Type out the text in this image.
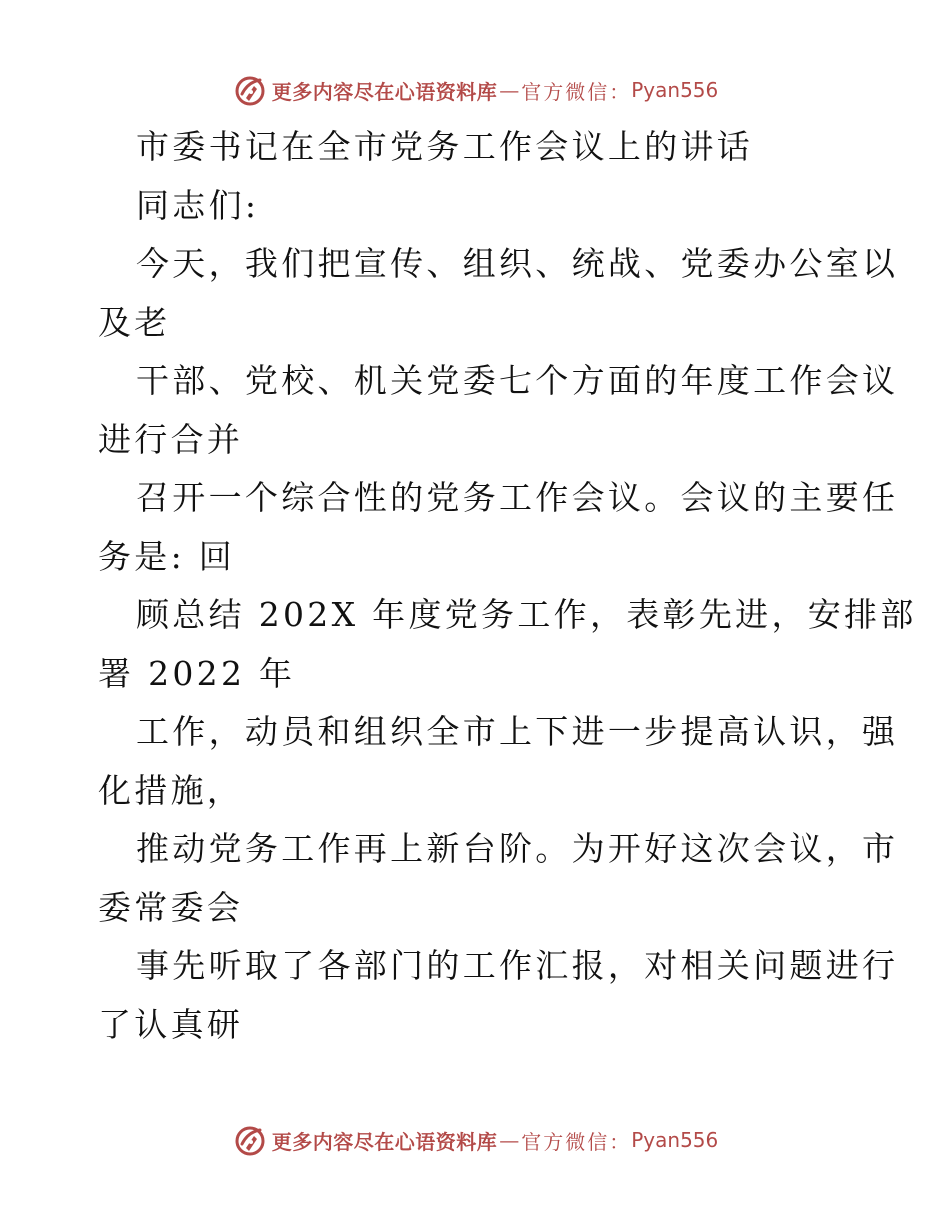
更多内容尽在心语资料库 — 官方微信： Pyan556
市委书记在全市党务工作会议上的讲话
同志们:
今天，我们把宣传、组织、统战、党委办公室以
及老
干部、党校、机关党委七个方面的年度工作会议
进行合并
召开一个综合性的党务工作会议。会议的主要任
务是: 回
顾总结 202X 年度党务工作，表彰先进，安排部
署 2022 年
工作，动员和组织全市上下进一步提高认识，强
化措施，
推动党务工作再上新台阶。为开好这次会议，市
委常委会
事先听取了各部门的工作汇报，对相关问题进行
了认真研
更多内容尽在心语资料库 — 官方微信： Pyan556
